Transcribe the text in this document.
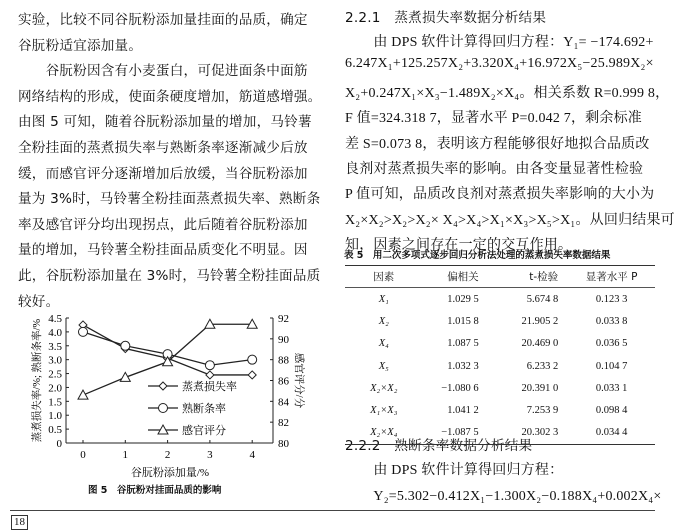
实验，比较不同谷朊粉添加量挂面的品质，确定
谷朊粉适宜添加量。
　　谷朊粉因含有小麦蛋白，可促进面条中面筋
网络结构的形成，使面条硬度增加，筋道感增强。
由图 5 可知，随着谷朊粉添加量的增加，马铃薯
全粉挂面的蒸煮损失率与熟断条率逐渐减少后放
缓，而感官评分逐渐增加后放缓，当谷朊粉添加
量为 3%时，马铃薯全粉挂面蒸煮损失率、熟断条
率及感官评分均出现拐点，此后随着谷朊粉添加
量的增加，马铃薯全粉挂面品质变化不明显。因
此，谷朊粉添加量在 3%时，马铃薯全粉挂面品质
较好。
2.2.1　蒸煮损失率数据分析结果
　　由 DPS 软件计算得回归方程：Y₁= −174.692+
6.247X₁+125.257X₂+3.320X₄+16.972X₅−25.989X₂×
X₂+0.247X₁×X₃−1.489X₂×X₄。相关系数 R=0.999 8，
F 值=324.318 7，显著水平 P=0.042 7，剩余标准
差 S=0.073 8，表明该方程能够很好地拟合品质改
良剂对蒸煮损失率的影响。由各变量显著性检验
P 值可知，品质改良剂对蒸煮损失率影响的大小为
X₂×X₂>X₂>X₂× X₄>X₄>X₁×X₃>X₅>X₁。从回归结果可
知，因素之间存在一定的交互作用。
2.2.2　熟断条率数据分析结果
　　由 DPS 软件计算得回归方程：
　　Y₂=5.302−0.412X₁−1.300X₂−0.188X₄+0.002X₄×
表 5　用二次多项式逐步回归分析法处理的蒸煮损失率数据结果
因素	偏相关	t-检验	显著水平 P
X₁	1.029 5	5.674 8	0.123 3
X₂	1.015 8	21.905 2	0.033 8
X₄	1.087 5	20.469 0	0.036 5
X₅	1.032 3	6.233 2	0.104 7
X₂×X₂	−1.080 6	20.391 0	0.033 1
X₁×X₃	1.041 2	7.253 9	0.098 4
X₂×X₄	−1.087 5	20.302 3	0.034 4
0
0.5
1.0
1.5
2.0
2.5
3.0
3.5
4.0
4.5
80
82
84
86
88
90
92
0	1	2	3	4
谷朊粉添加量/%
蒸煮损失率/%; 熟断条率/%	感官评分/分
蒸煮损失率
熟断条率
感官评分
图 5　谷朊粉对挂面品质的影响
18
